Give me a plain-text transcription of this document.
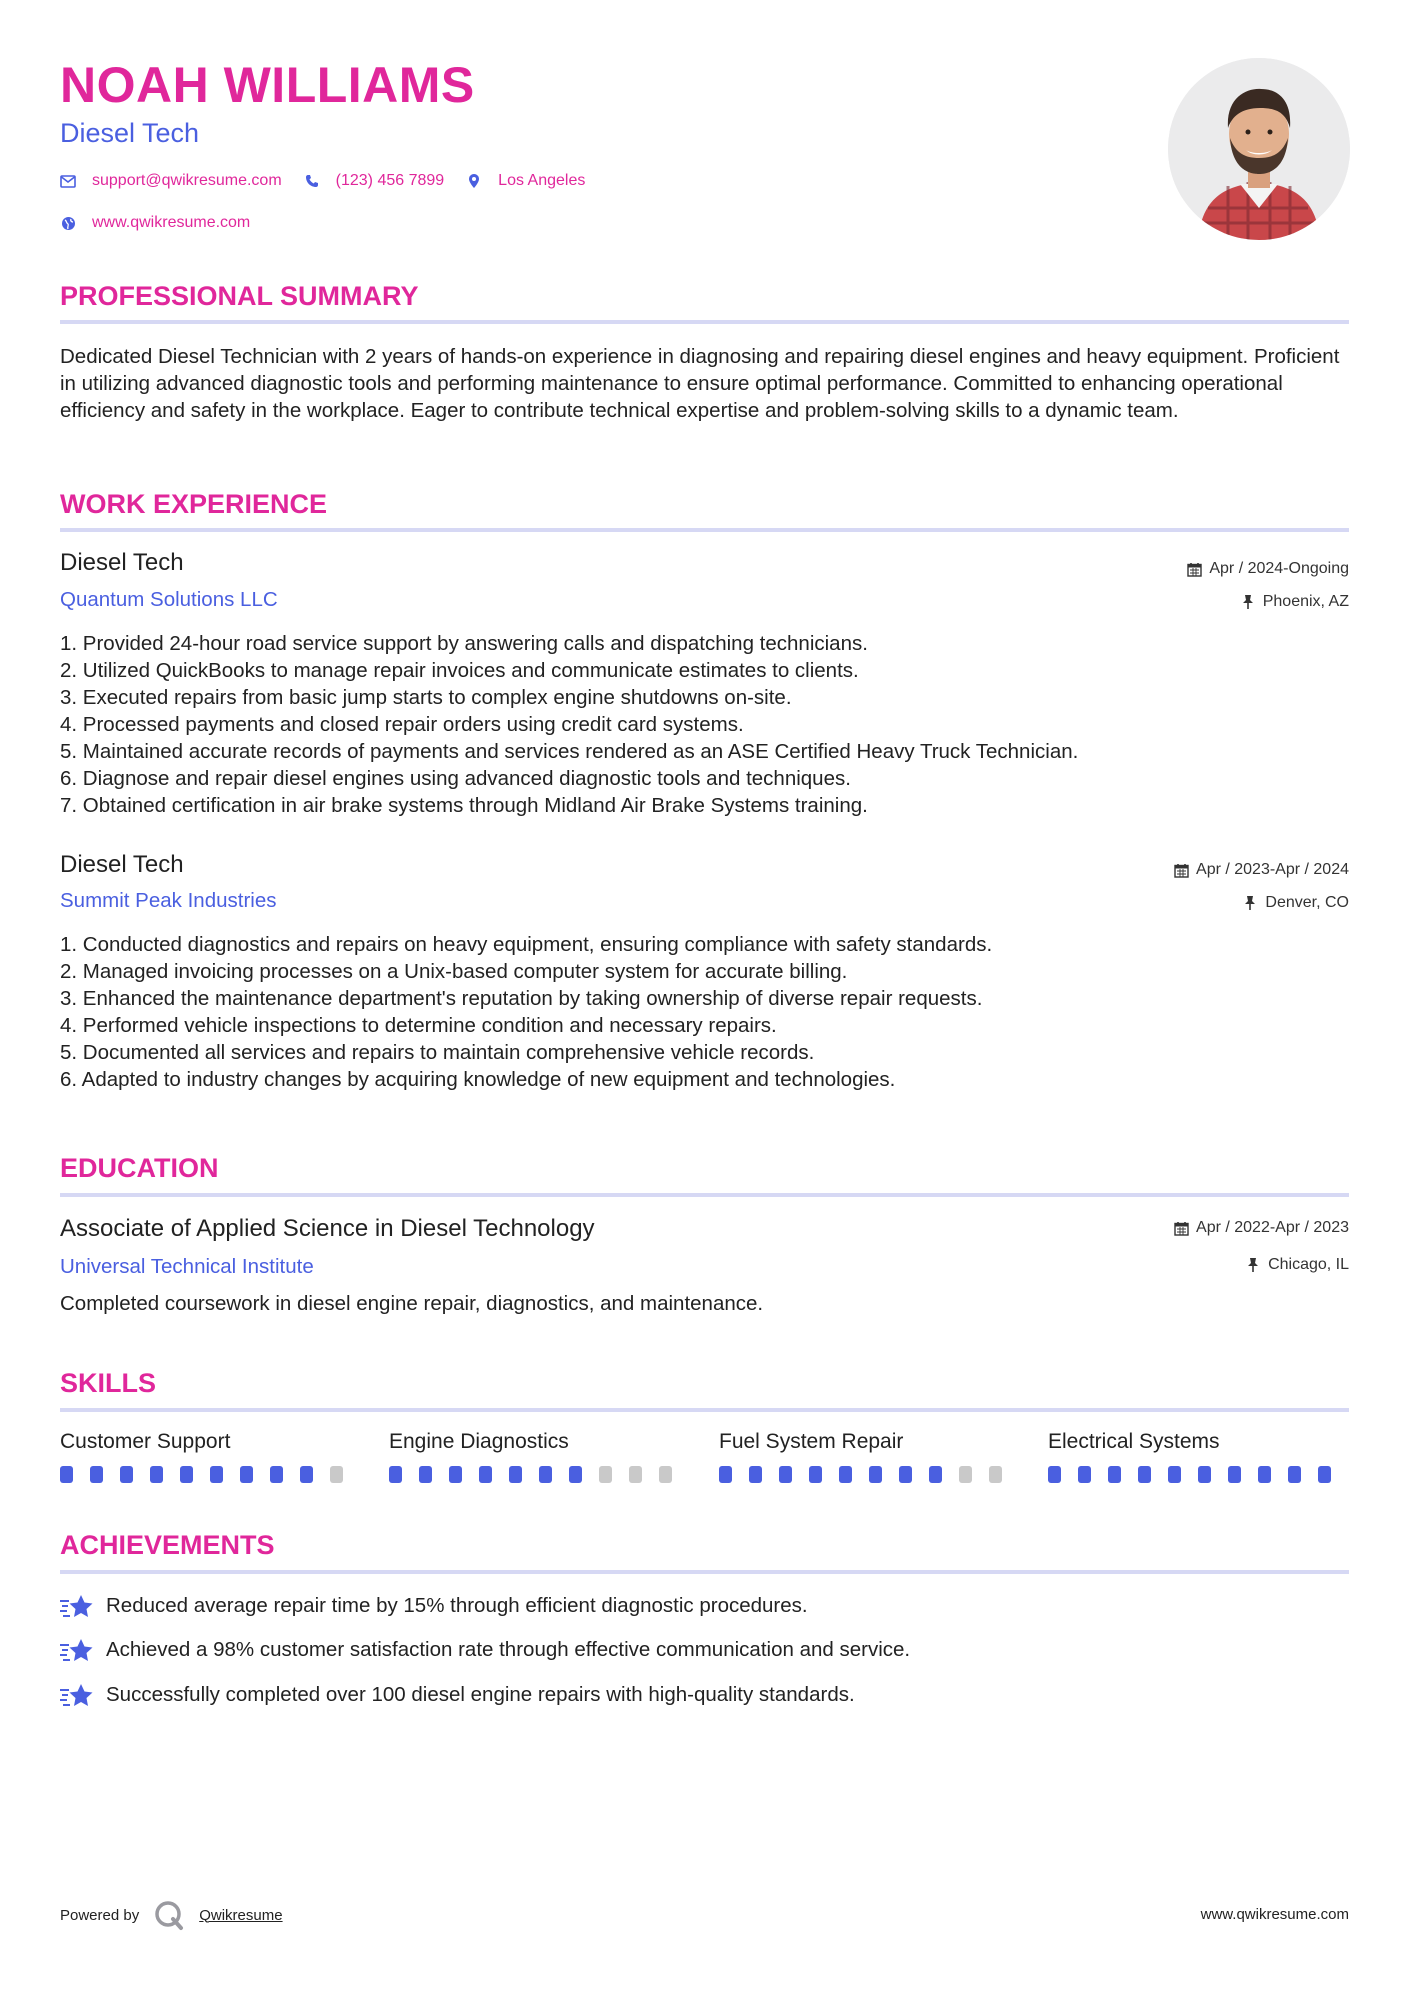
NOAH WILLIAMS
Diesel Tech
support@qwikresume.com	(123) 456 7899	Los Angeles
www.qwikresume.com
PROFESSIONAL SUMMARY
Dedicated Diesel Technician with 2 years of hands-on experience in diagnosing and repairing diesel engines and heavy equipment. Proficient in utilizing advanced diagnostic tools and performing maintenance to ensure optimal performance. Committed to enhancing operational efficiency and safety in the workplace. Eager to contribute technical expertise and problem-solving skills to a dynamic team.
WORK EXPERIENCE
Diesel Tech
Quantum Solutions LLC
Apr / 2024-Ongoing
Phoenix, AZ
1. Provided 24-hour road service support by answering calls and dispatching technicians.
2. Utilized QuickBooks to manage repair invoices and communicate estimates to clients.
3. Executed repairs from basic jump starts to complex engine shutdowns on-site.
4. Processed payments and closed repair orders using credit card systems.
5. Maintained accurate records of payments and services rendered as an ASE Certified Heavy Truck Technician.
6. Diagnose and repair diesel engines using advanced diagnostic tools and techniques.
7. Obtained certification in air brake systems through Midland Air Brake Systems training.
Diesel Tech
Summit Peak Industries
Apr / 2023-Apr / 2024
Denver, CO
1. Conducted diagnostics and repairs on heavy equipment, ensuring compliance with safety standards.
2. Managed invoicing processes on a Unix-based computer system for accurate billing.
3. Enhanced the maintenance department's reputation by taking ownership of diverse repair requests.
4. Performed vehicle inspections to determine condition and necessary repairs.
5. Documented all services and repairs to maintain comprehensive vehicle records.
6. Adapted to industry changes by acquiring knowledge of new equipment and technologies.
EDUCATION
Associate of Applied Science in Diesel Technology
Universal Technical Institute
Apr / 2022-Apr / 2023
Chicago, IL
Completed coursework in diesel engine repair, diagnostics, and maintenance.
SKILLS
Customer Support	Engine Diagnostics	Fuel System Repair	Electrical Systems
ACHIEVEMENTS
Reduced average repair time by 15% through efficient diagnostic procedures.
Achieved a 98% customer satisfaction rate through effective communication and service.
Successfully completed over 100 diesel engine repairs with high-quality standards.
Powered by	Qwikresume	www.qwikresume.com
